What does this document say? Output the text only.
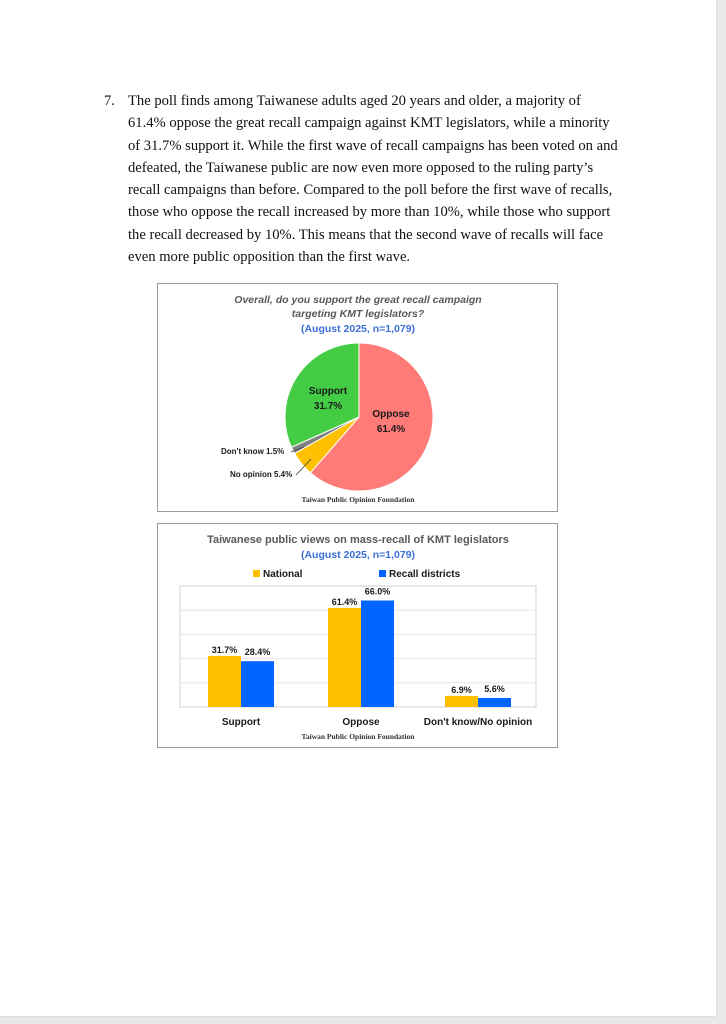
7. The poll finds among Taiwanese adults aged 20 years and older, a majority of 61.4% oppose the great recall campaign against KMT legislators, while a minority of 31.7% support it. While the first wave of recall campaigns has been voted on and defeated, the Taiwanese public are now even more opposed to the ruling party’s recall campaigns than before. Compared to the poll before the first wave of recalls, those who oppose the recall increased by more than 10%, while those who support the recall decreased by 10%. This means that the second wave of recalls will face even more public opposition than the first wave.
Overall, do you support the great recall campaign
targeting KMT legislators?
(August 2025, n=1,079)
Support
31.7%
Oppose
61.4%
Don't know 1.5%
No opinion 5.4%
Taiwan Public Opinion Foundation
Taiwanese public views on mass-recall of KMT legislators
(August 2025, n=1,079)
National	Recall districts
31.7% 28.4%
61.4%
66.0%
6.9% 5.6%
Support	Oppose	Don't know/No opinion
Taiwan Public Opinion Foundation
